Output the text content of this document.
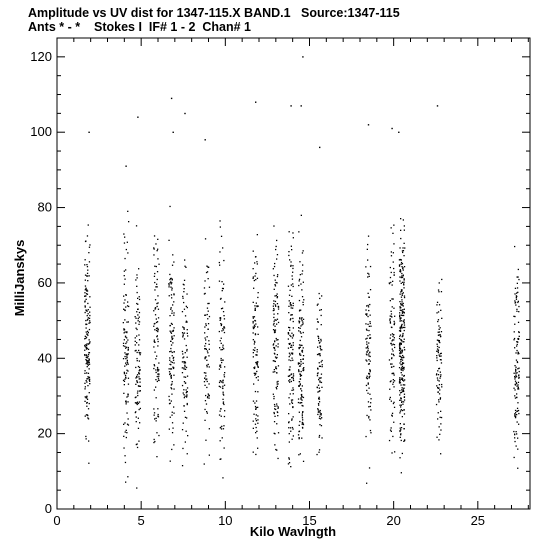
Amplitude vs UV dist for 1347-115.X BAND.1   Source:1347-115
Ants * - *    Stokes I  IF# 1 - 2  Chan# 1
0	5	10	15	20	25
0
20
40
60
80
100
120
Kilo Wavlngth
MilliJanskys
